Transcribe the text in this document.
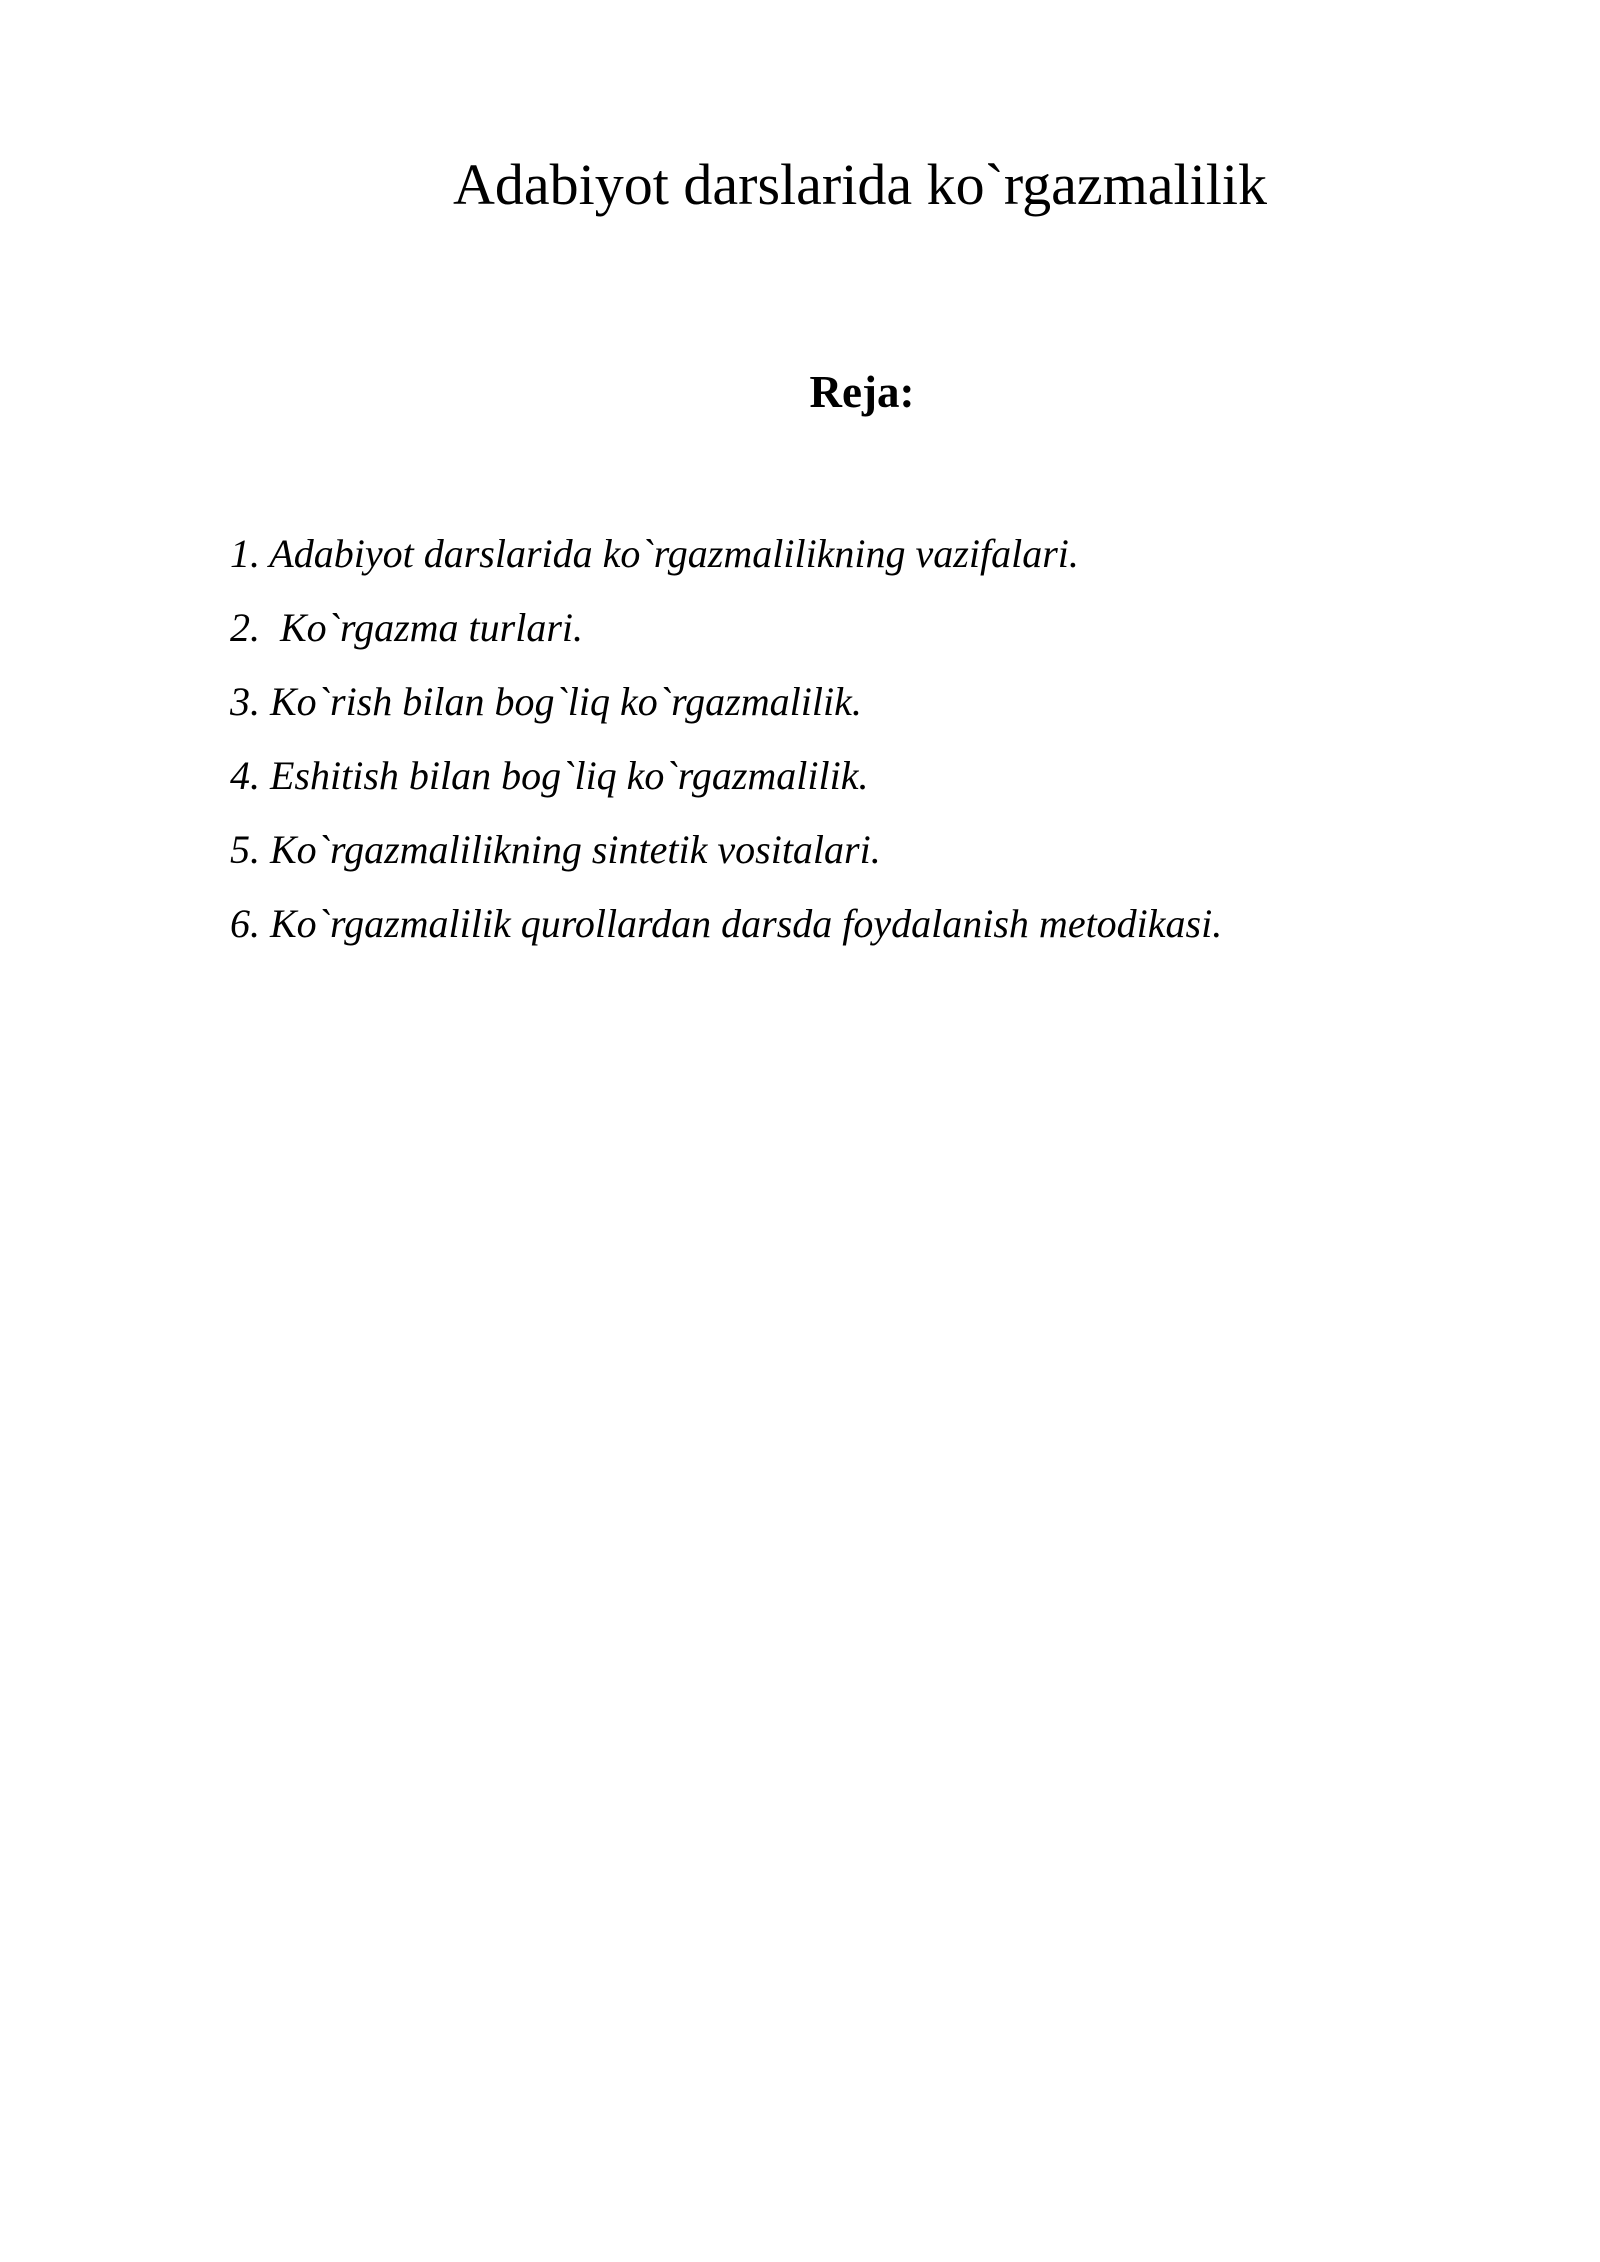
Adabiyot darslarida ko`rgazmalilik
Reja:
1. Adabiyot darslarida ko`rgazmalilikning vazifalari.
2.  Ko`rgazma turlari.
3. Ko`rish bilan bog`liq ko`rgazmalilik.
4. Eshitish bilan bog`liq ko`rgazmalilik.
5. Ko`rgazmalilikning sintetik vositalari.
6. Ko`rgazmalilik qurollardan darsda foydalanish metodikasi.
